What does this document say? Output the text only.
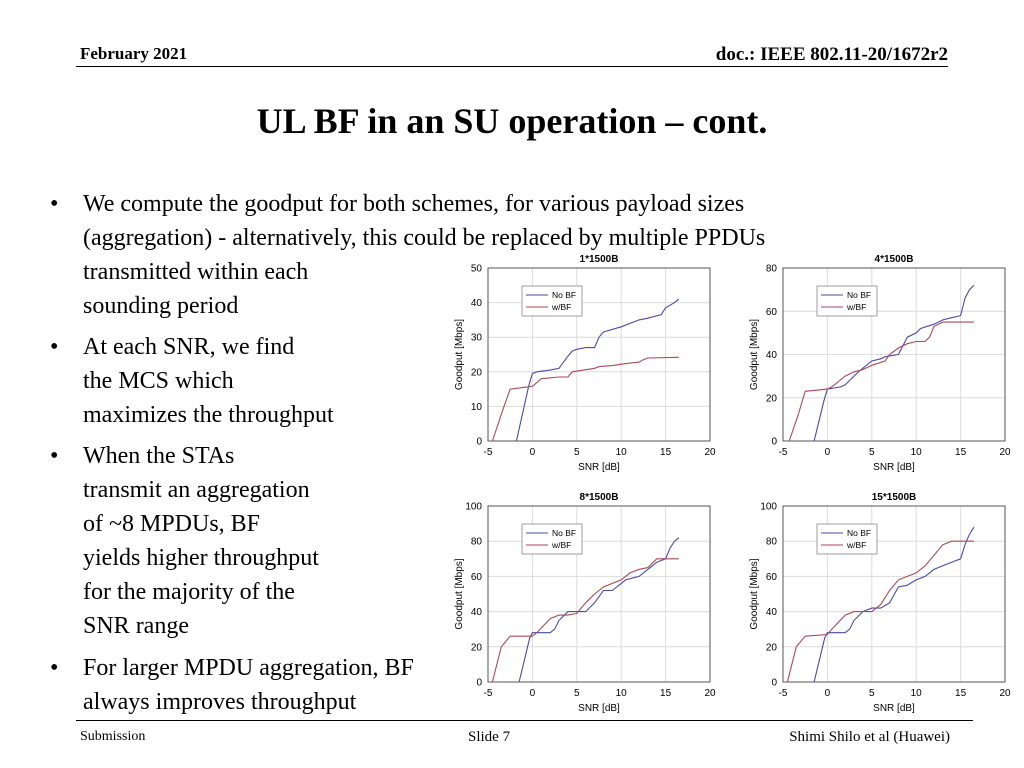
February 2021	doc.: IEEE 802.11-20/1672r2
UL BF in an SU operation – cont.
• We compute the goodput for both schemes, for various payload sizes
(aggregation) - alternatively, this could be replaced by multiple PPDUs
transmitted within each
sounding period
• At each SNR, we find
the MCS which
maximizes the throughput
• When the STAs
transmit an aggregation
of ~8 MPDUs, BF
yields higher throughput
for the majority of the
SNR range
• For larger MPDU aggregation, BF
always improves throughput
-5	0	5	10	15	20
0
10
20
30
40
50
1*1500B
SNR [dB]
Goodput [Mbps]
No BF
w/BF
-5	0	5	10	15	20
0
20
40
60
80
4*1500B
SNR [dB]
Goodput [Mbps]
No BF
w/BF
-5	0	5	10	15	20
0
20
40
60
80
100
8*1500B
SNR [dB]
Goodput [Mbps]
No BF
w/BF
-5	0	5	10	15	20
0
20
40
60
80
100
15*1500B
SNR [dB]
Goodput [Mbps]
No BF
w/BF
Submission	Slide 7	Shimi Shilo et al (Huawei)
